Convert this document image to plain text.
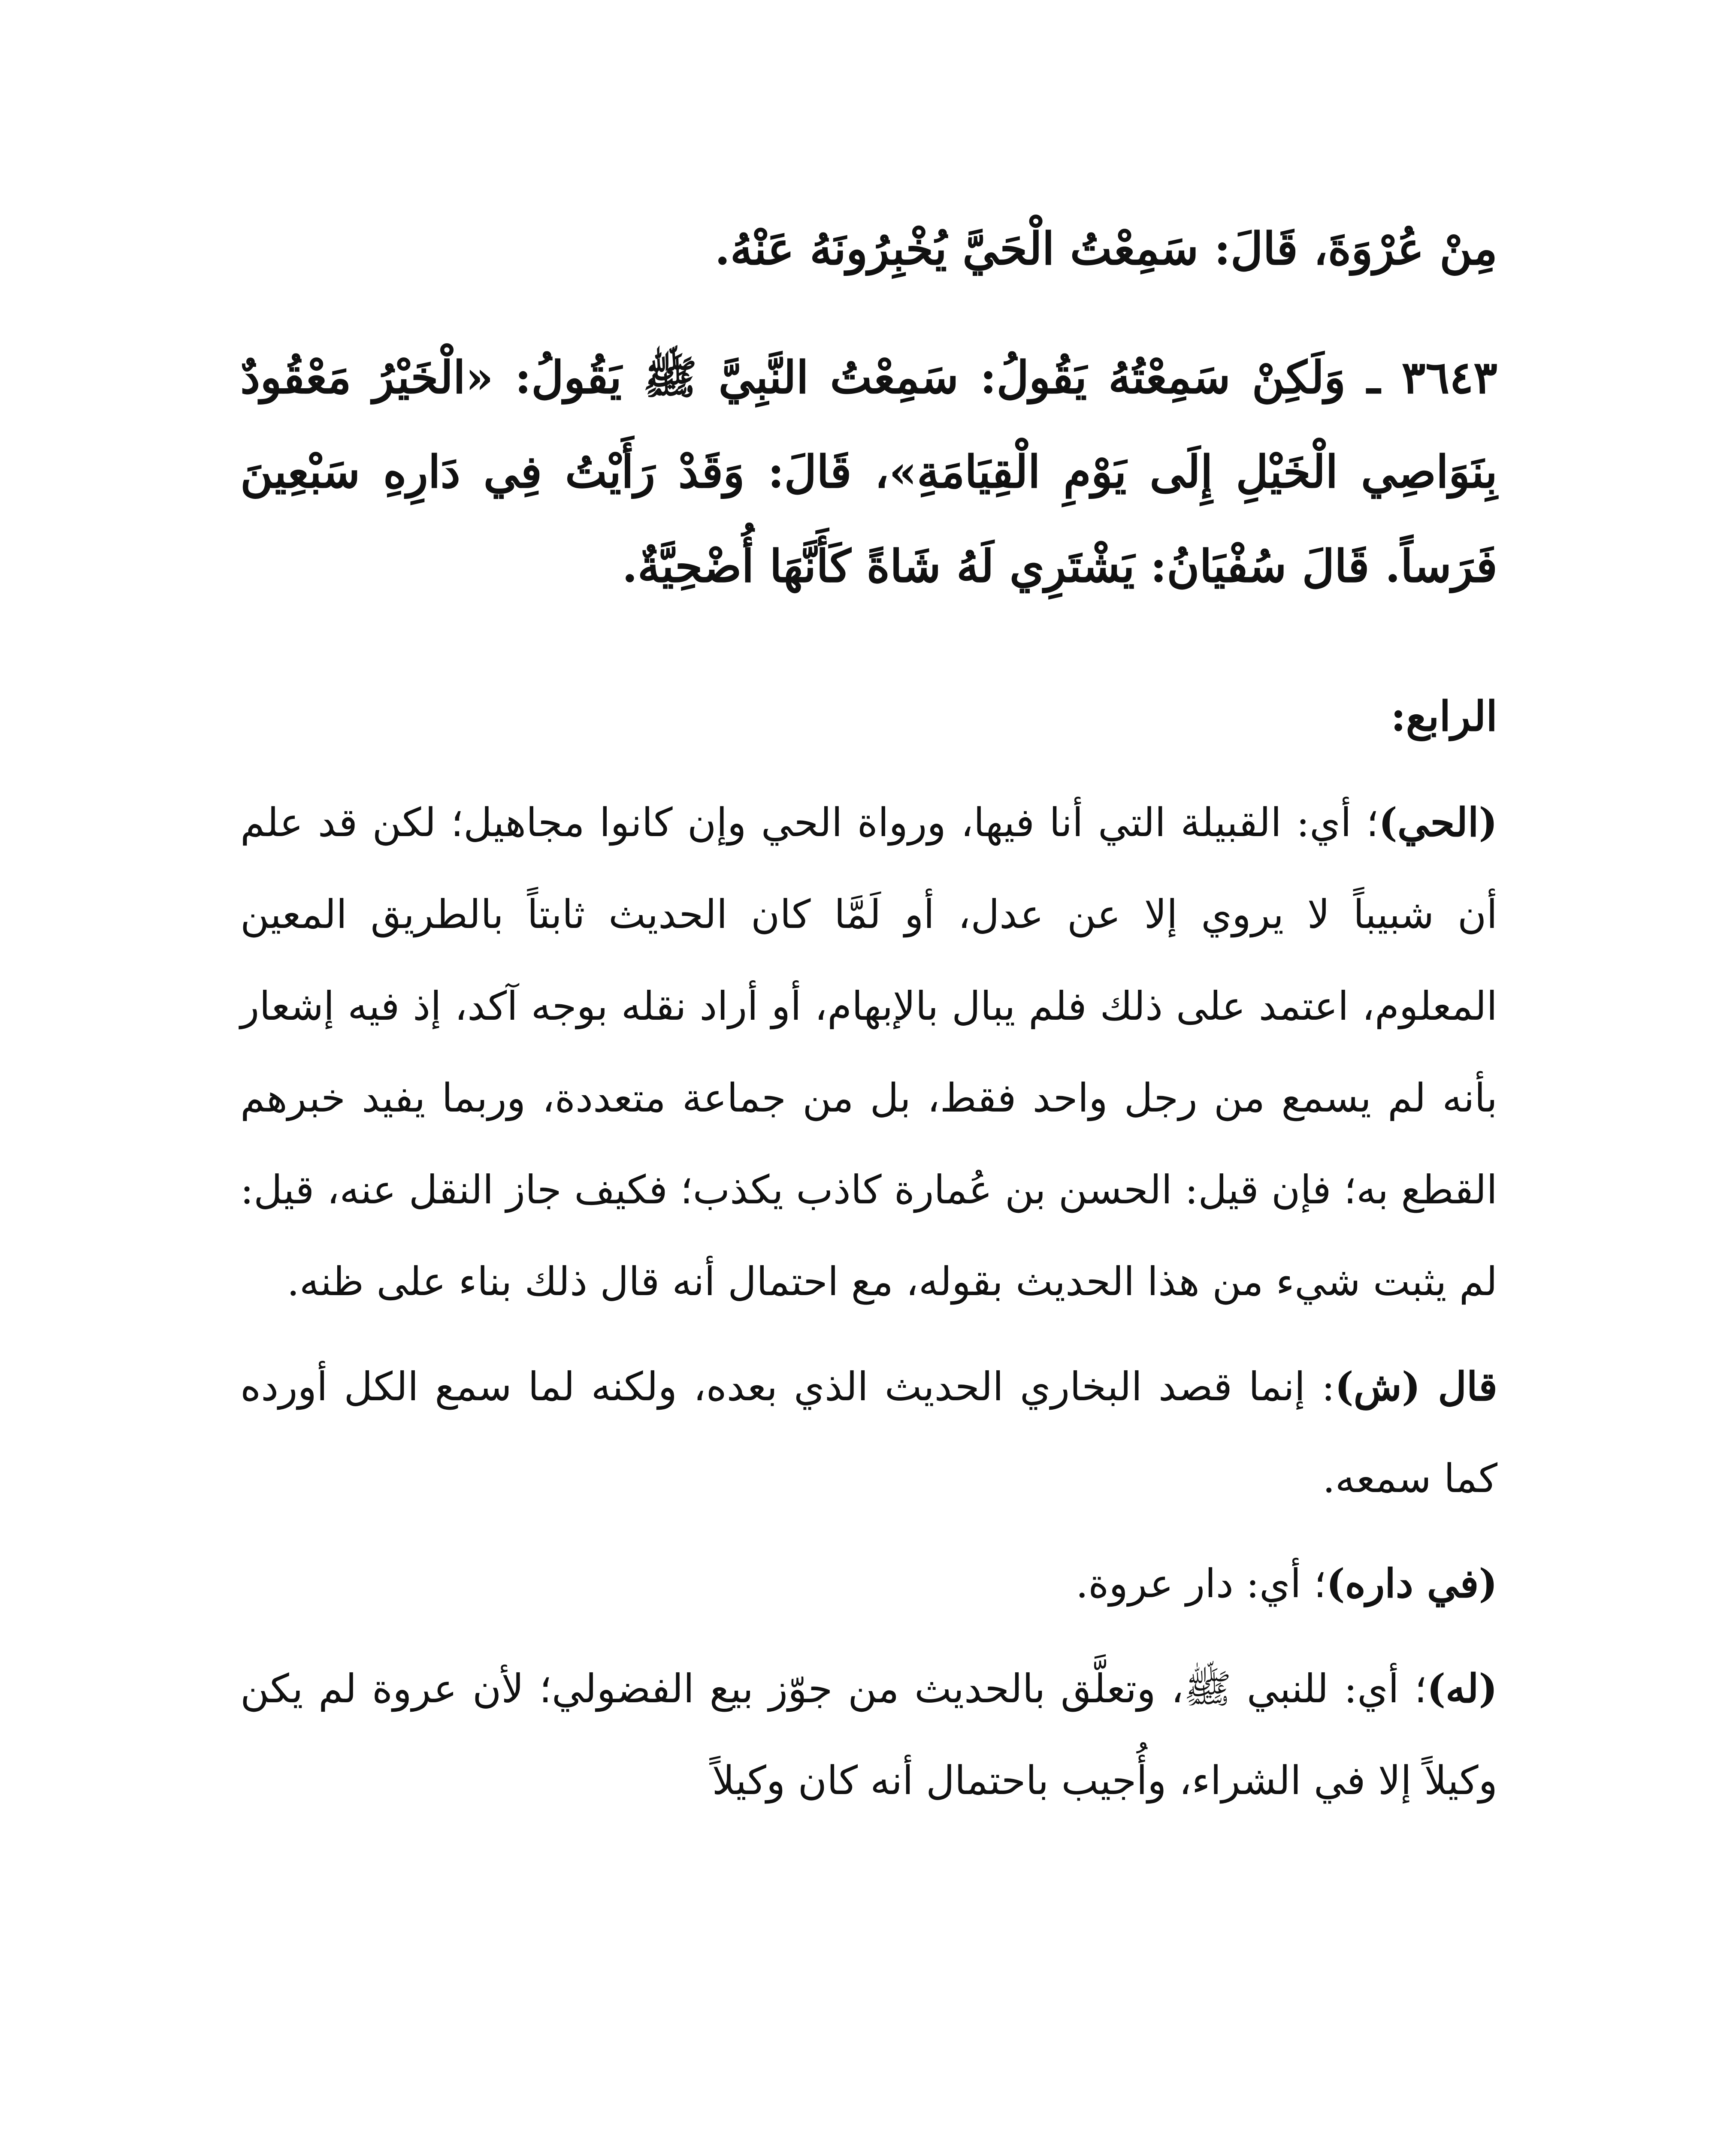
مِنْ عُرْوَةَ، قَالَ: سَمِعْتُ الْحَيَّ يُخْبِرُونَهُ عَنْهُ.

٣٦٤٣ ـ وَلَكِنْ سَمِعْتُهُ يَقُولُ: سَمِعْتُ النَّبِيَّ ﷺ يَقُولُ: «الْخَيْرُ مَعْقُودٌ بِنَوَاصِي الْخَيْلِ إِلَى يَوْمِ الْقِيَامَةِ»، قَالَ: وَقَدْ رَأَيْتُ فِي دَارِهِ سَبْعِينَ فَرَساً. قَالَ سُفْيَانُ: يَشْتَرِي لَهُ شَاةً كَأَنَّهَا أُضْحِيَّةٌ.

الرابع:

(الحي)؛ أي: القبيلة التي أنا فيها، ورواة الحي وإن كانوا مجاهيل؛ لكن قد علم أن شبيباً لا يروي إلا عن عدل، أو لَمَّا كان الحديث ثابتاً بالطريق المعين المعلوم، اعتمد على ذلك فلم يبال بالإبهام، أو أراد نقله بوجه آكد، إذ فيه إشعار بأنه لم يسمع من رجل واحد فقط، بل من جماعة متعددة، وربما يفيد خبرهم القطع به؛ فإن قيل: الحسن بن عُمارة كاذب يكذب؛ فكيف جاز النقل عنه، قيل: لم يثبت شيء من هذا الحديث بقوله، مع احتمال أنه قال ذلك بناء على ظنه.

قال (ش): إنما قصد البخاري الحديث الذي بعده، ولكنه لما سمع الكل أورده كما سمعه.

(في داره)؛ أي: دار عروة.

(له)؛ أي: للنبي ﷺ، وتعلَّق بالحديث من جوّز بيع الفضولي؛ لأن عروة لم يكن وكيلاً إلا في الشراء، وأُجيب باحتمال أنه كان وكيلاً
